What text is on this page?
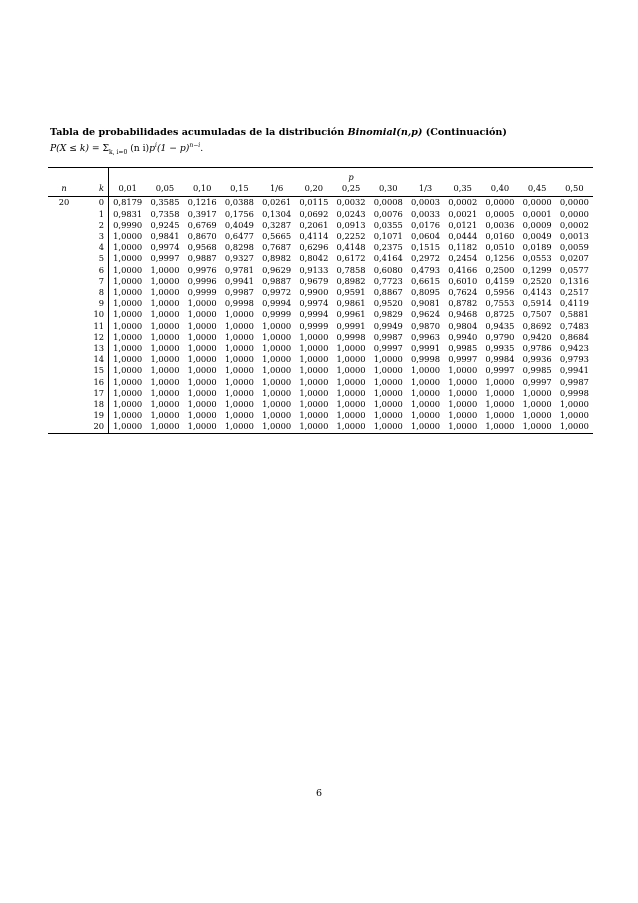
Tabla de probabilidades acumuladas de la distribución Binomial(n,p) (Continuación)
$P(X \le k) = \Sigma_{k, i=0}$ (n $i)p^i(1 - p)^{n-i}$.
		p												
n	k	0,01	0,05	0,10	0,15	1/6	0,20	0,25	0,30	1/3	0,35	0,40	0,45	0,50
20	0	0,8179	0,3585	0,1216	0,0388	0,0261	0,0115	0,0032	0,0008	0,0003	0,0002	0,0000	0,0000	0,0000
	1	0,9831	0,7358	0,3917	0,1756	0,1304	0,0692	0,0243	0,0076	0,0033	0,0021	0,0005	0,0001	0,0000
	2	0,9990	0,9245	0,6769	0,4049	0,3287	0,2061	0,0913	0,0355	0,0176	0,0121	0,0036	0,0009	0,0002
	3	1,0000	0,9841	0,8670	0,6477	0,5665	0,4114	0,2252	0,1071	0,0604	0,0444	0,0160	0,0049	0,0013
	4	1,0000	0,9974	0,9568	0,8298	0,7687	0,6296	0,4148	0,2375	0,1515	0,1182	0,0510	0,0189	0,0059
	5	1,0000	0,9997	0,9887	0,9327	0,8982	0,8042	0,6172	0,4164	0,2972	0,2454	0,1256	0,0553	0,0207
	6	1,0000	1,0000	0,9976	0,9781	0,9629	0,9133	0,7858	0,6080	0,4793	0,4166	0,2500	0,1299	0,0577
	7	1,0000	1,0000	0,9996	0,9941	0,9887	0,9679	0,8982	0,7723	0,6615	0,6010	0,4159	0,2520	0,1316
	8	1,0000	1,0000	0,9999	0,9987	0,9972	0,9900	0,9591	0,8867	0,8095	0,7624	0,5956	0,4143	0,2517
	9	1,0000	1,0000	1,0000	0,9998	0,9994	0,9974	0,9861	0,9520	0,9081	0,8782	0,7553	0,5914	0,4119
	10	1,0000	1,0000	1,0000	1,0000	0,9999	0,9994	0,9961	0,9829	0,9624	0,9468	0,8725	0,7507	0,5881
	11	1,0000	1,0000	1,0000	1,0000	1,0000	0,9999	0,9991	0,9949	0,9870	0,9804	0,9435	0,8692	0,7483
	12	1,0000	1,0000	1,0000	1,0000	1,0000	1,0000	0,9998	0,9987	0,9963	0,9940	0,9790	0,9420	0,8684
	13	1,0000	1,0000	1,0000	1,0000	1,0000	1,0000	1,0000	0,9997	0,9991	0,9985	0,9935	0,9786	0,9423
	14	1,0000	1,0000	1,0000	1,0000	1,0000	1,0000	1,0000	1,0000	0,9998	0,9997	0,9984	0,9936	0,9793
	15	1,0000	1,0000	1,0000	1,0000	1,0000	1,0000	1,0000	1,0000	1,0000	1,0000	0,9997	0,9985	0,9941
	16	1,0000	1,0000	1,0000	1,0000	1,0000	1,0000	1,0000	1,0000	1,0000	1,0000	1,0000	0,9997	0,9987
	17	1,0000	1,0000	1,0000	1,0000	1,0000	1,0000	1,0000	1,0000	1,0000	1,0000	1,0000	1,0000	0,9998
	18	1,0000	1,0000	1,0000	1,0000	1,0000	1,0000	1,0000	1,0000	1,0000	1,0000	1,0000	1,0000	1,0000
	19	1,0000	1,0000	1,0000	1,0000	1,0000	1,0000	1,0000	1,0000	1,0000	1,0000	1,0000	1,0000	1,0000
	20	1,0000	1,0000	1,0000	1,0000	1,0000	1,0000	1,0000	1,0000	1,0000	1,0000	1,0000	1,0000	1,0000
6
